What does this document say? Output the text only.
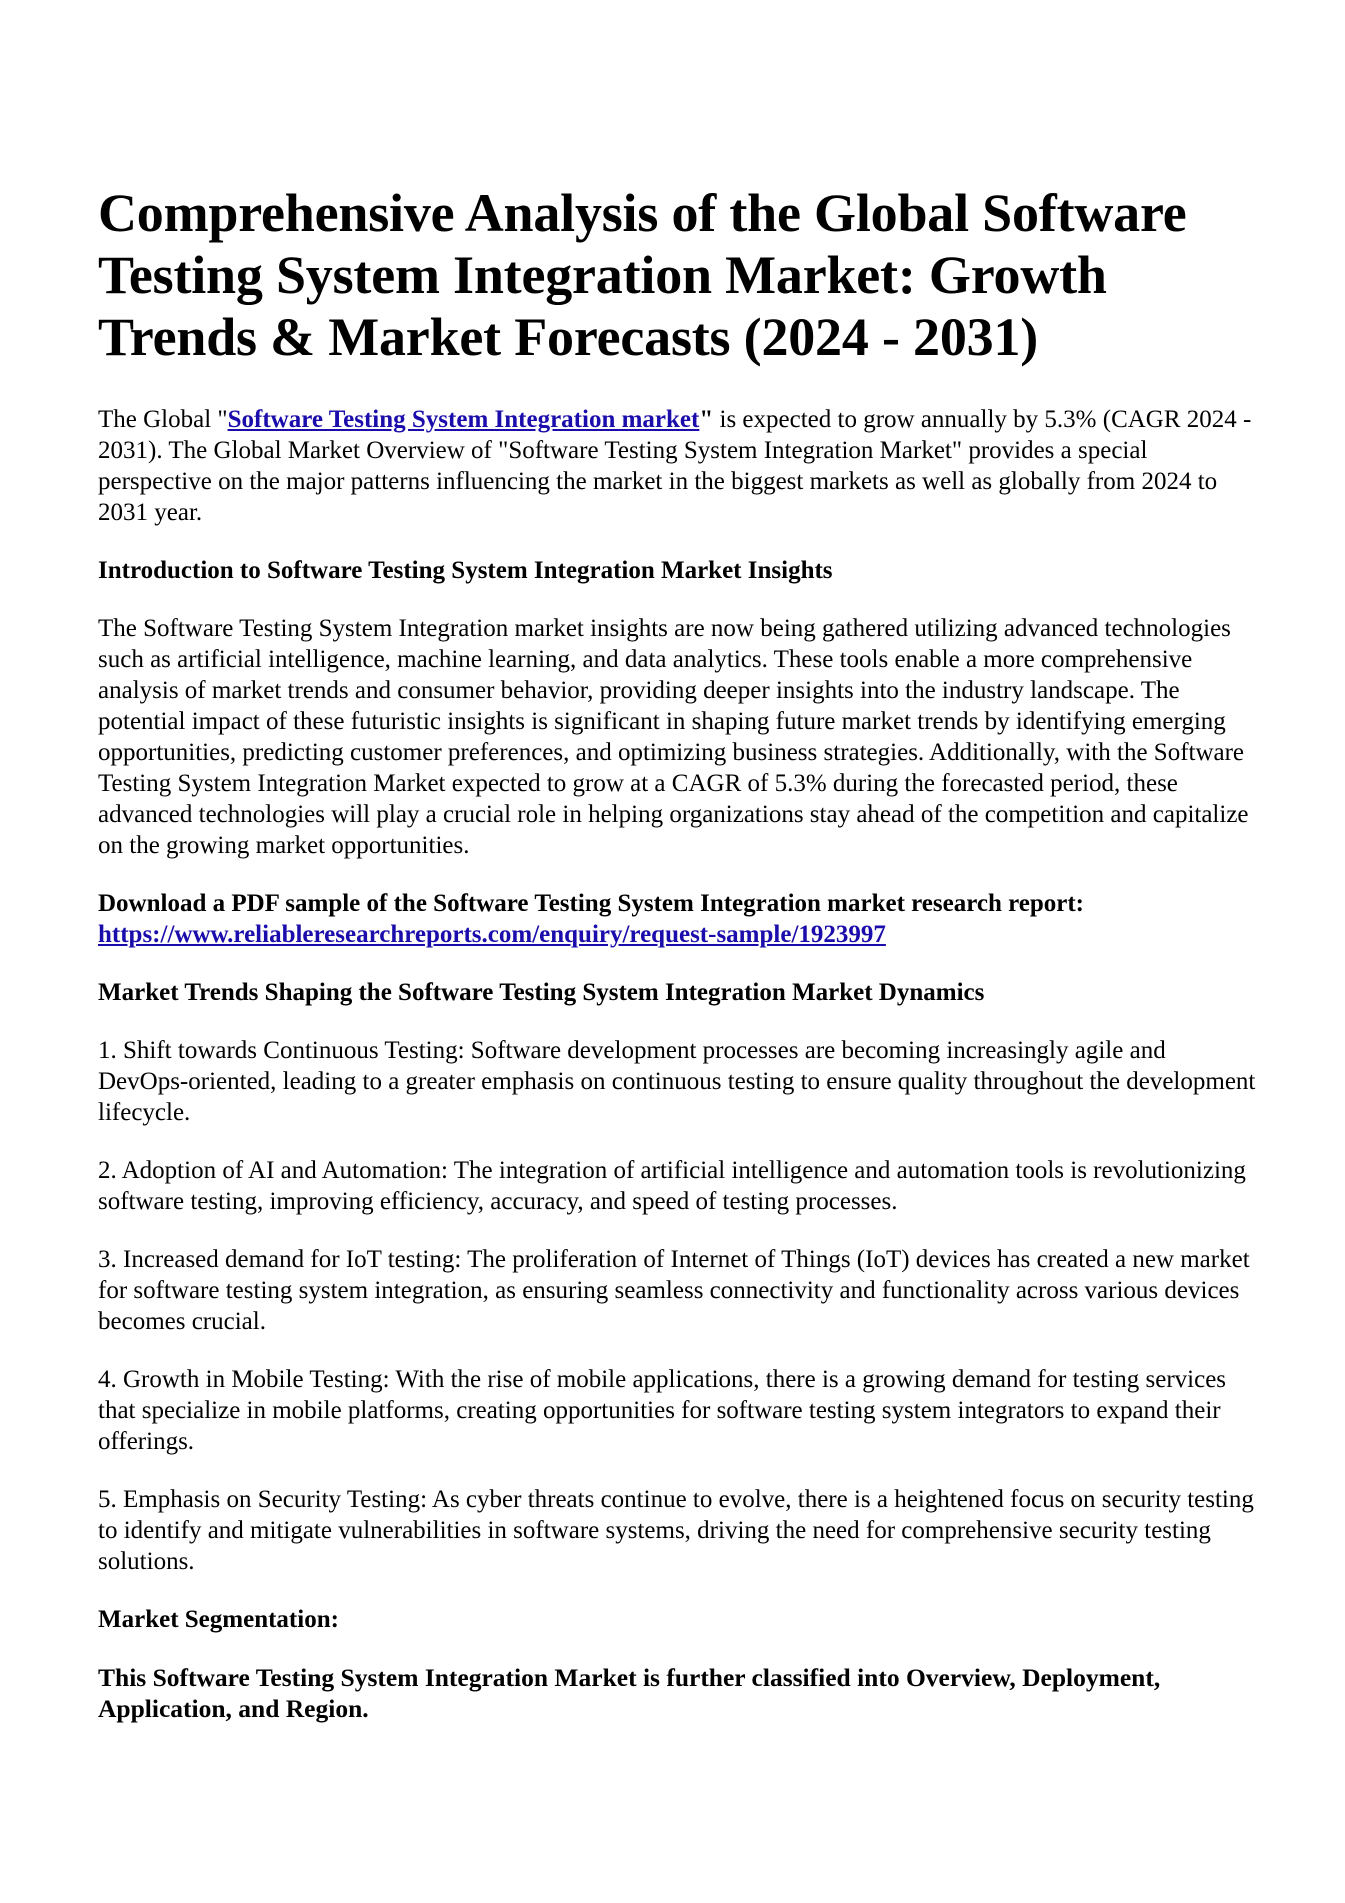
Comprehensive Analysis of the Global Software Testing System Integration Market: Growth Trends & Market Forecasts (2024 - 2031)

The Global "Software Testing System Integration market" is expected to grow annually by 5.3% (CAGR 2024 - 2031). The Global Market Overview of "Software Testing System Integration Market" provides a special perspective on the major patterns influencing the market in the biggest markets as well as globally from 2024 to 2031 year.

Introduction to Software Testing System Integration Market Insights

The Software Testing System Integration market insights are now being gathered utilizing advanced technologies such as artificial intelligence, machine learning, and data analytics. These tools enable a more comprehensive analysis of market trends and consumer behavior, providing deeper insights into the industry landscape. The potential impact of these futuristic insights is significant in shaping future market trends by identifying emerging opportunities, predicting customer preferences, and optimizing business strategies. Additionally, with the Software Testing System Integration Market expected to grow at a CAGR of 5.3% during the forecasted period, these advanced technologies will play a crucial role in helping organizations stay ahead of the competition and capitalize on the growing market opportunities.

Download a PDF sample of the Software Testing System Integration market research report:
https://www.reliableresearchreports.com/enquiry/request-sample/1923997

Market Trends Shaping the Software Testing System Integration Market Dynamics

1. Shift towards Continuous Testing: Software development processes are becoming increasingly agile and DevOps-oriented, leading to a greater emphasis on continuous testing to ensure quality throughout the development lifecycle.

2. Adoption of AI and Automation: The integration of artificial intelligence and automation tools is revolutionizing software testing, improving efficiency, accuracy, and speed of testing processes.

3. Increased demand for IoT testing: The proliferation of Internet of Things (IoT) devices has created a new market for software testing system integration, as ensuring seamless connectivity and functionality across various devices becomes crucial.

4. Growth in Mobile Testing: With the rise of mobile applications, there is a growing demand for testing services that specialize in mobile platforms, creating opportunities for software testing system integrators to expand their offerings.

5. Emphasis on Security Testing: As cyber threats continue to evolve, there is a heightened focus on security testing to identify and mitigate vulnerabilities in software systems, driving the need for comprehensive security testing solutions.

Market Segmentation:

This Software Testing System Integration Market is further classified into Overview, Deployment, Application, and Region.
